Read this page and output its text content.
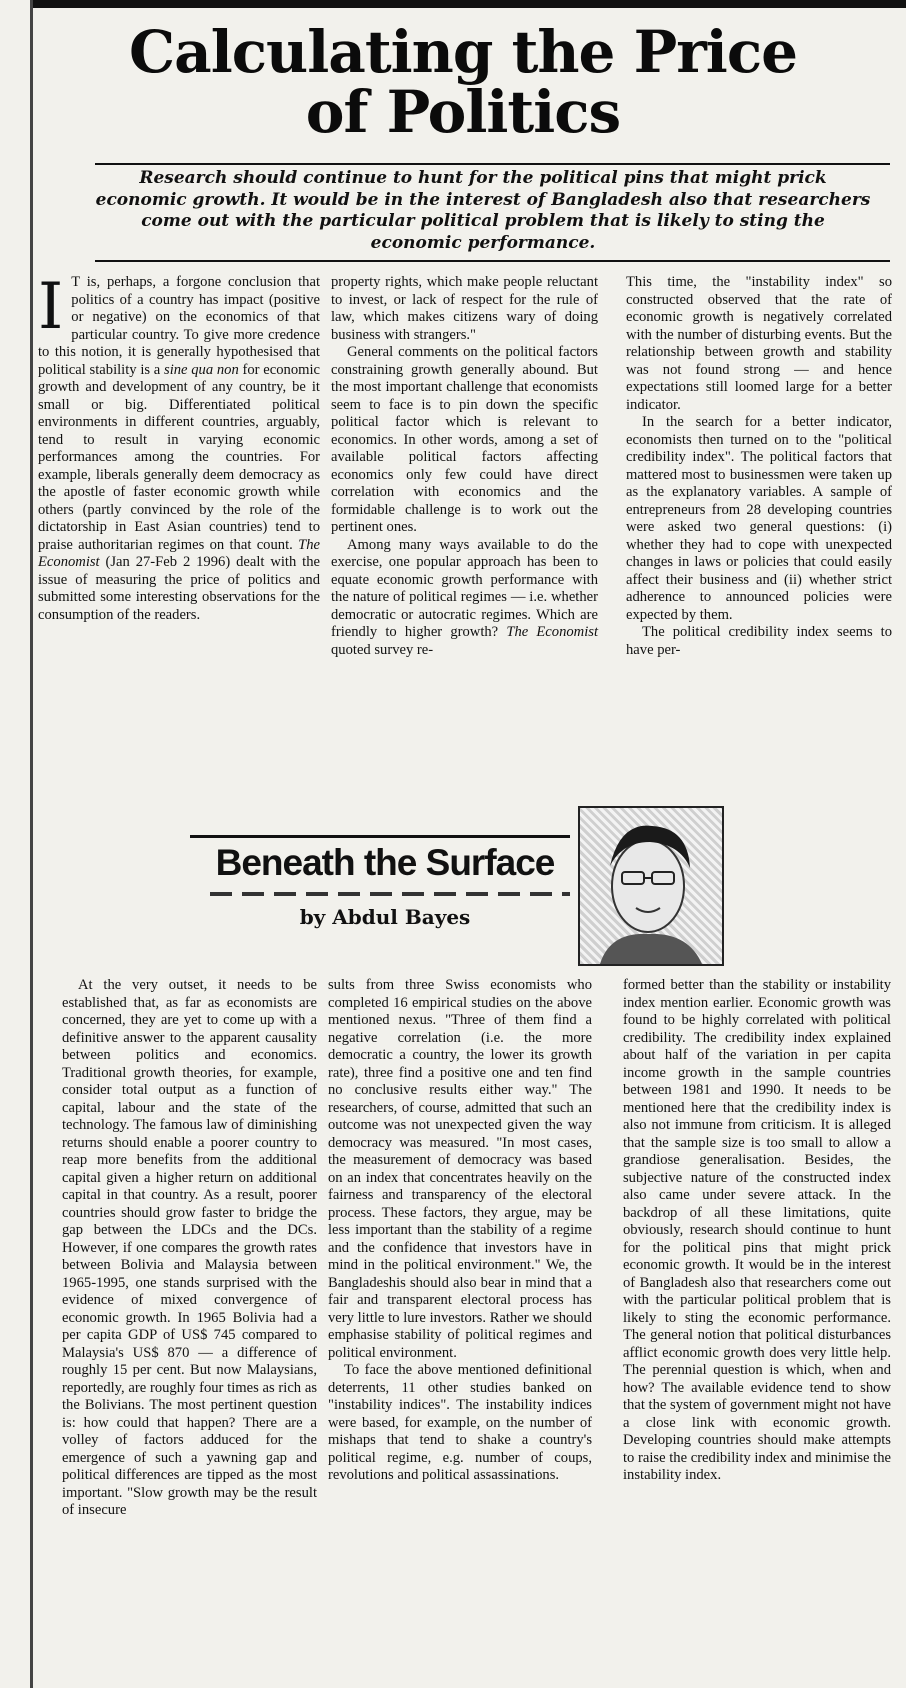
Calculating the Price
of Politics
Research should continue to hunt for the political pins that might prick economic growth. It would be in the interest of Bangladesh also that researchers come out with the particular political problem that is likely to sting the economic performance.

I T is, perhaps, a forgone conclusion that politics of a country has impact (positive or negative) on the economics of that particular country. To give more credence to this notion, it is generally hypothesised that political stability is a sine qua non for economic growth and development of any country, be it small or big. Differentiated political environments in different countries, arguably, tend to result in varying economic performances among the countries. For example, liberals generally deem democracy as the apostle of faster economic growth while others (partly convinced by the role of the dictatorship in East Asian countries) tend to praise authoritarian regimes on that count. The Economist (Jan 27-Feb 2 1996) dealt with the issue of measuring the price of politics and submitted some interesting observations for the consumption of the readers.

property rights, which make people reluctant to invest, or lack of respect for the rule of law, which makes citizens wary of doing business with strangers."

General comments on the political factors constraining growth generally abound. But the most important challenge that economists seem to face is to pin down the specific political factor which is relevant to economics. In other words, among a set of available political factors affecting economics only few could have direct correlation with economics and the formidable challenge is to work out the pertinent ones.

Among many ways available to do the exercise, one popular approach has been to equate economic growth performance with the nature of political regimes — i.e. whether democratic or autocratic regimes. Which are friendly to higher growth? The Economist quoted survey re-

This time, the "instability index" so constructed observed that the rate of economic growth is negatively correlated with the number of disturbing events. But the relationship between growth and stability was not found strong — and hence expectations still loomed large for a better indicator.

In the search for a better indicator, economists then turned on to the "political credibility index". The political factors that mattered most to businessmen were taken up as the explanatory variables. A sample of entrepreneurs from 28 developing countries were asked two general questions: (i) whether they had to cope with unexpected changes in laws or policies that could easily affect their business and (ii) whether strict adherence to announced policies were expected by them.

The political credibility index seems to have per-

Beneath the Surface
by Abdul Bayes

At the very outset, it needs to be established that, as far as economists are concerned, they are yet to come up with a definitive answer to the apparent causality between politics and economics. Traditional growth theories, for example, consider total output as a function of capital, labour and the state of the technology. The famous law of diminishing returns should enable a poorer country to reap more benefits from the additional capital given a higher return on additional capital in that country. As a result, poorer countries should grow faster to bridge the gap between the LDCs and the DCs. However, if one compares the growth rates between Bolivia and Malaysia between 1965-1995, one stands surprised with the evidence of mixed convergence of economic growth. In 1965 Bolivia had a per capita GDP of US$ 745 compared to Malaysia's US$ 870 — a difference of roughly 15 per cent. But now Malaysians, reportedly, are roughly four times as rich as the Bolivians. The most pertinent question is: how could that happen? There are a volley of factors adduced for the emergence of such a yawning gap and political differences are tipped as the most important. "Slow growth may be the result of insecure

sults from three Swiss economists who completed 16 empirical studies on the above mentioned nexus. "Three of them find a negative correlation (i.e. the more democratic a country, the lower its growth rate), three find a positive one and ten find no conclusive results either way." The researchers, of course, admitted that such an outcome was not unexpected given the way democracy was measured. "In most cases, the measurement of democracy was based on an index that concentrates heavily on the fairness and transparency of the electoral process. These factors, they argue, may be less important than the stability of a regime and the confidence that investors have in mind in the political environment." We, the Bangladeshis should also bear in mind that a fair and transparent electoral process has very little to lure investors. Rather we should emphasise stability of political regimes and political environment.

To face the above mentioned definitional deterrents, 11 other studies banked on "instability indices". The instability indices were based, for example, on the number of mishaps that tend to shake a country's political regime, e.g. number of coups, revolutions and political assassinations.

formed better than the stability or instability index mention earlier. Economic growth was found to be highly correlated with political credibility. The credibility index explained about half of the variation in per capita income growth in the sample countries between 1981 and 1990. It needs to be mentioned here that the credibility index is also not immune from criticism. It is alleged that the sample size is too small to allow a grandiose generalisation. Besides, the subjective nature of the constructed index also came under severe attack. In the backdrop of all these limitations, quite obviously, research should continue to hunt for the political pins that might prick economic growth. It would be in the interest of Bangladesh also that researchers come out with the particular political problem that is likely to sting the economic performance. The general notion that political disturbances afflict economic growth does very little help. The perennial question is which, when and how? The available evidence tend to show that the system of government might not have a close link with economic growth. Developing countries should make attempts to raise the credibility index and minimise the instability index.
